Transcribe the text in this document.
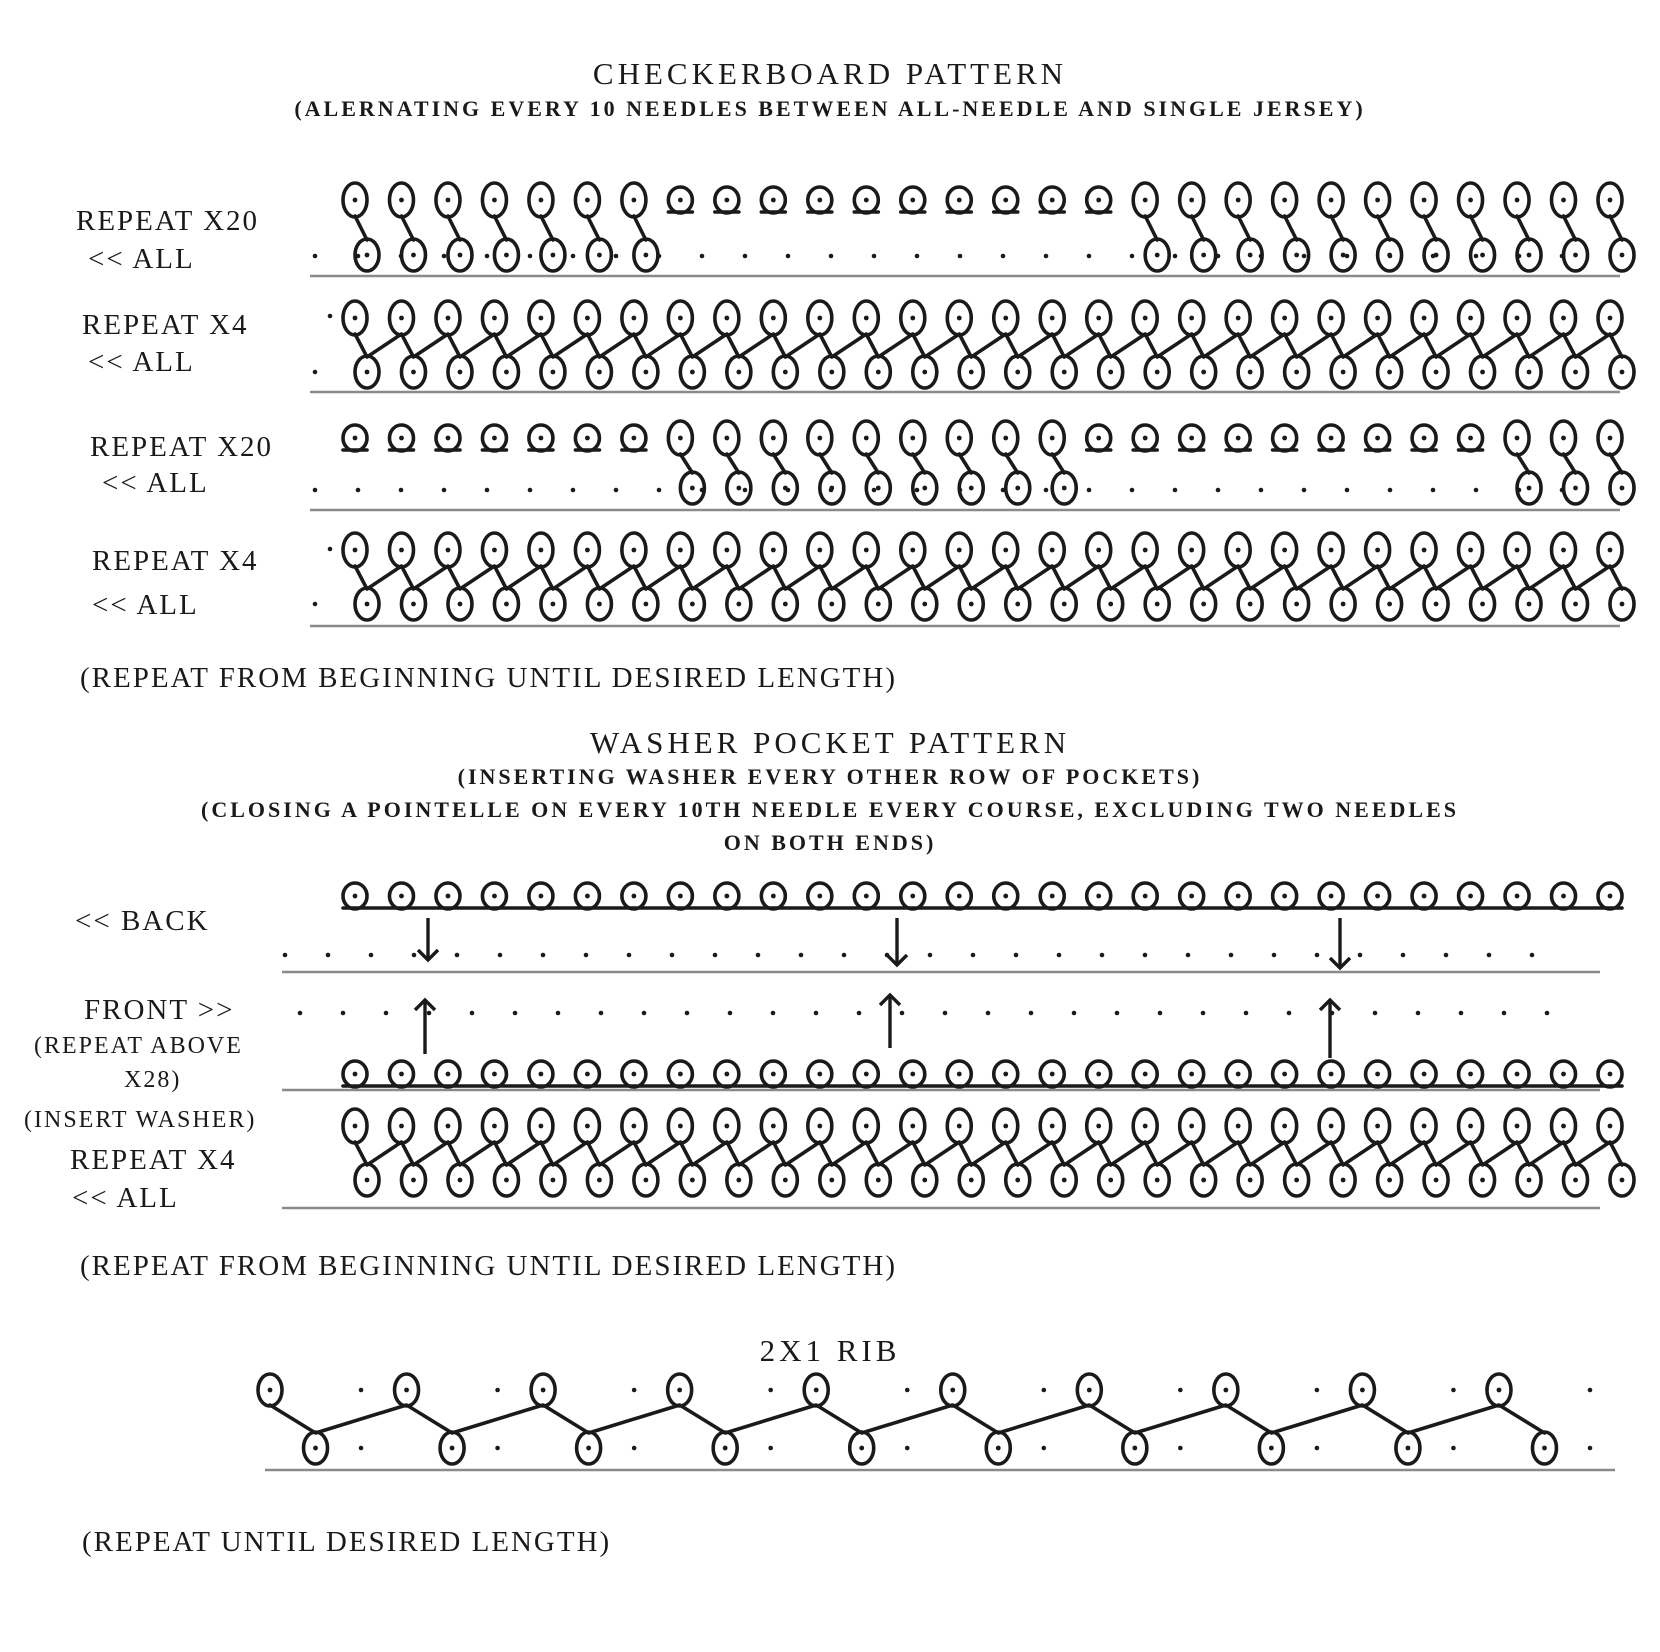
CHECKERBOARD PATTERN
(ALERNATING EVERY 10 NEEDLES BETWEEN ALL-NEEDLE AND SINGLE JERSEY)
REPEAT X20
<< ALL
REPEAT X4
<< ALL
REPEAT X20
<< ALL
REPEAT X4
<< ALL
(REPEAT FROM BEGINNING UNTIL DESIRED LENGTH)
WASHER POCKET PATTERN
(INSERTING WASHER EVERY OTHER ROW OF POCKETS)
(CLOSING A POINTELLE ON EVERY 10TH NEEDLE EVERY COURSE, EXCLUDING TWO NEEDLES
ON BOTH ENDS)
<< BACK
FRONT >>
(REPEAT ABOVE
X28)
(INSERT WASHER)
REPEAT X4
<< ALL
(REPEAT FROM BEGINNING UNTIL DESIRED LENGTH)
2X1 RIB
(REPEAT UNTIL DESIRED LENGTH)
